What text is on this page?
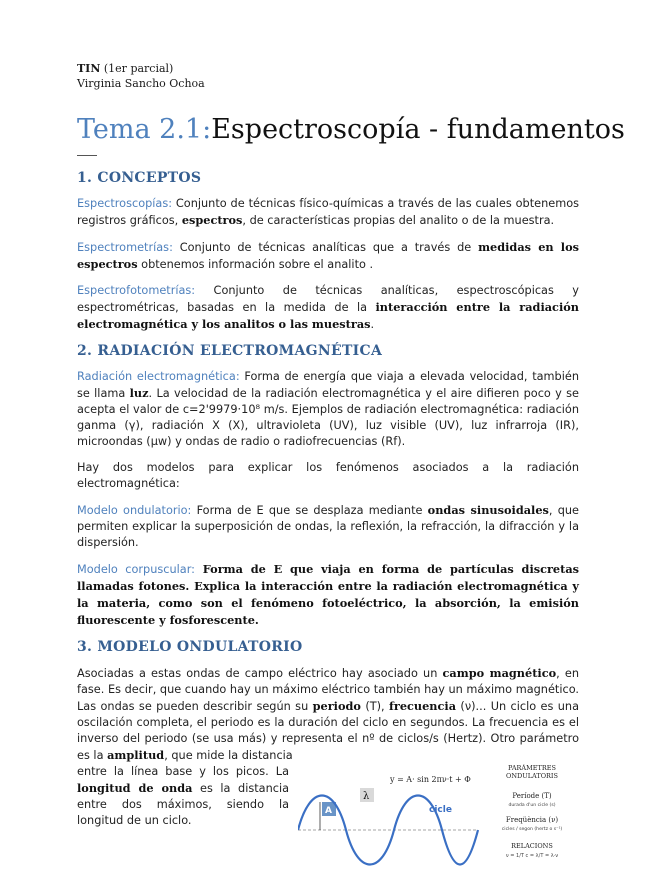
TIN (1er parcial)
Virginia Sancho Ochoa
Tema 2.1:Espectroscopía - fundamentos
1. CONCEPTOS

Espectroscopías: Conjunto de técnicas físico-químicas a través de las cuales obtenemos registros gráficos, espectros, de características propias del analito o de la muestra.

Espectrometrías: Conjunto de técnicas analíticas que a través de medidas en los espectros obtenemos información sobre el analito .

Espectrofotometrías: Conjunto de técnicas analíticas, espectroscópicas y espectrométricas, basadas en la medida de la interacción entre la radiación electromagnética y los analitos o las muestras.

2. RADIACIÓN ELECTROMAGNÉTICA

Radiación electromagnética: Forma de energía que viaja a elevada velocidad, también se llama luz. La velocidad de la radiación electromagnética y el aire difieren poco y se acepta el valor de c=2'9979·10⁸ m/s. Ejemplos de radiación electromagnética: radiación ganma (γ), radiación X (X), ultravioleta (UV), luz visible (UV), luz infrarroja (IR), microondas (μw) y ondas de radio o radiofrecuencias (Rf).

Hay dos modelos para explicar los fenómenos asociados a la radiación electromagnética:

Modelo ondulatorio: Forma de E que se desplaza mediante ondas sinusoidales, que permiten explicar la superposición de ondas, la reflexión, la refracción, la difracción y la dispersión.

Modelo corpuscular: Forma de E que viaja en forma de partículas discretas llamadas fotones. Explica la interacción entre la radiación electromagnética y la materia, como son el fenómeno fotoeléctrico, la absorción, la emisión fluorescente y fosforescente.

3. MODELO ONDULATORIO

Asociadas a estas ondas de campo eléctrico hay asociado un campo magnético, en fase. Es decir, que cuando hay un máximo eléctrico también hay un máximo magnético. Las ondas se pueden describir según su periodo (T), frecuencia (ν)... Un ciclo es una oscilación completa, el periodo es la duración del ciclo en segundos. La frecuencia es el inverso del periodo (se usa más) y representa el nº de ciclos/s (Hertz). Otro parámetro es la amplitud, que mide la distancia

entre la línea base y los picos. La longitud de onda es la distancia entre dos máximos, siendo la longitud de un ciclo.

y = A· sin 2πν·t + Φ
A
λ
cicle
PARÁMETRES
ONDULATORIS
Període (T)
durada d'un cicle (s)
Freqüència (ν)
cicles / segon (hertz o s⁻¹)
RELACIONS
ν = 1/T c = λ/T = λ·ν
